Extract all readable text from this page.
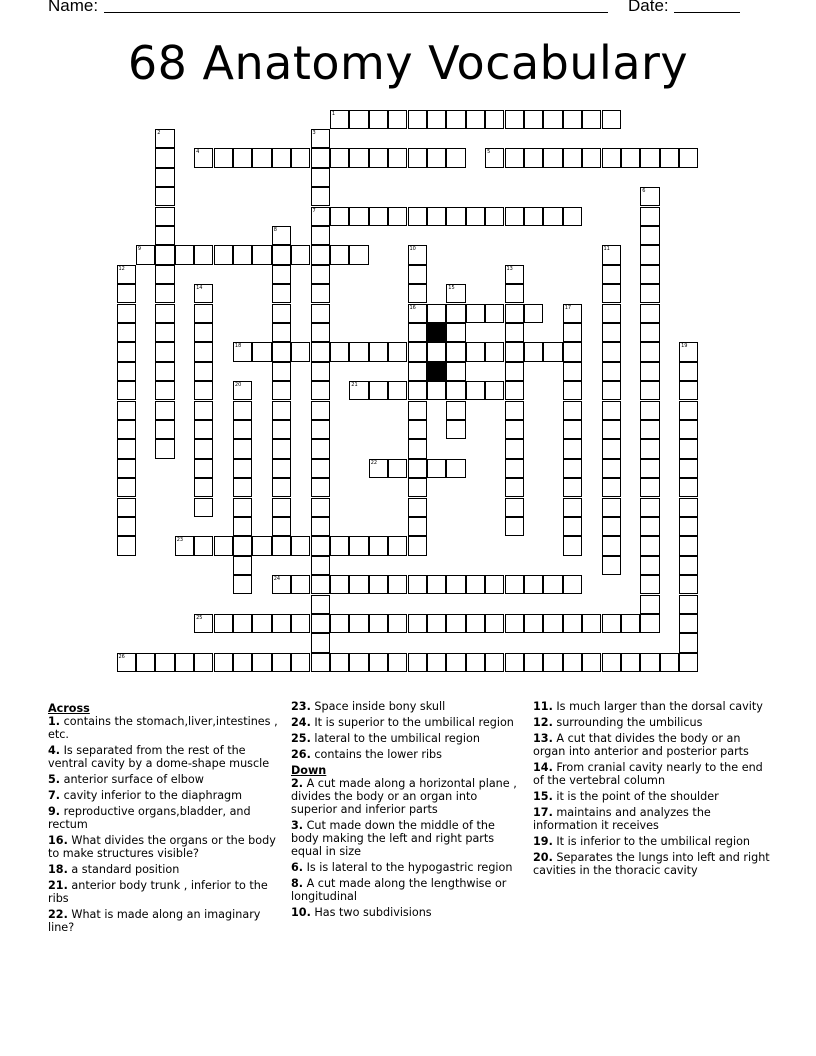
Name:	Date:
68 Anatomy Vocabulary
1
2	3
7
4	5
6
8
9	10
16
11
12	13
14	15
17
18	19
20	21
22
23
24
25
26
Across
1. contains the stomach,liver,intestines , etc.
4. Is separated from the rest of the ventral cavity by a dome-shape muscle
5. anterior surface of elbow
7. cavity inferior to the diaphragm
9. reproductive organs,bladder, and rectum
16. What divides the organs or the body to make structures visible?
18. a standard position
21. anterior body trunk , inferior to the ribs
22. What is made along an imaginary line?
23. Space inside bony skull
24. It is superior to the umbilical region
25. lateral to the umbilical region
26. contains the lower ribs
Down
2. A cut made along a horizontal plane , divides the body or an organ into superior and inferior parts
3. Cut made down the middle of the body making the left and right parts equal in size
6. Is is lateral to the hypogastric region
8. A cut made along the lengthwise or longitudinal
10. Has two subdivisions
11. Is much larger than the dorsal cavity
12. surrounding the umbilicus
13. A cut that divides the body or an organ into anterior and posterior parts
14. From cranial cavity nearly to the end of the vertebral column
15. it is the point of the shoulder
17. maintains and analyzes the information it receives
19. It is inferior to the umbilical region
20. Separates the lungs into left and right cavities in the thoracic cavity
